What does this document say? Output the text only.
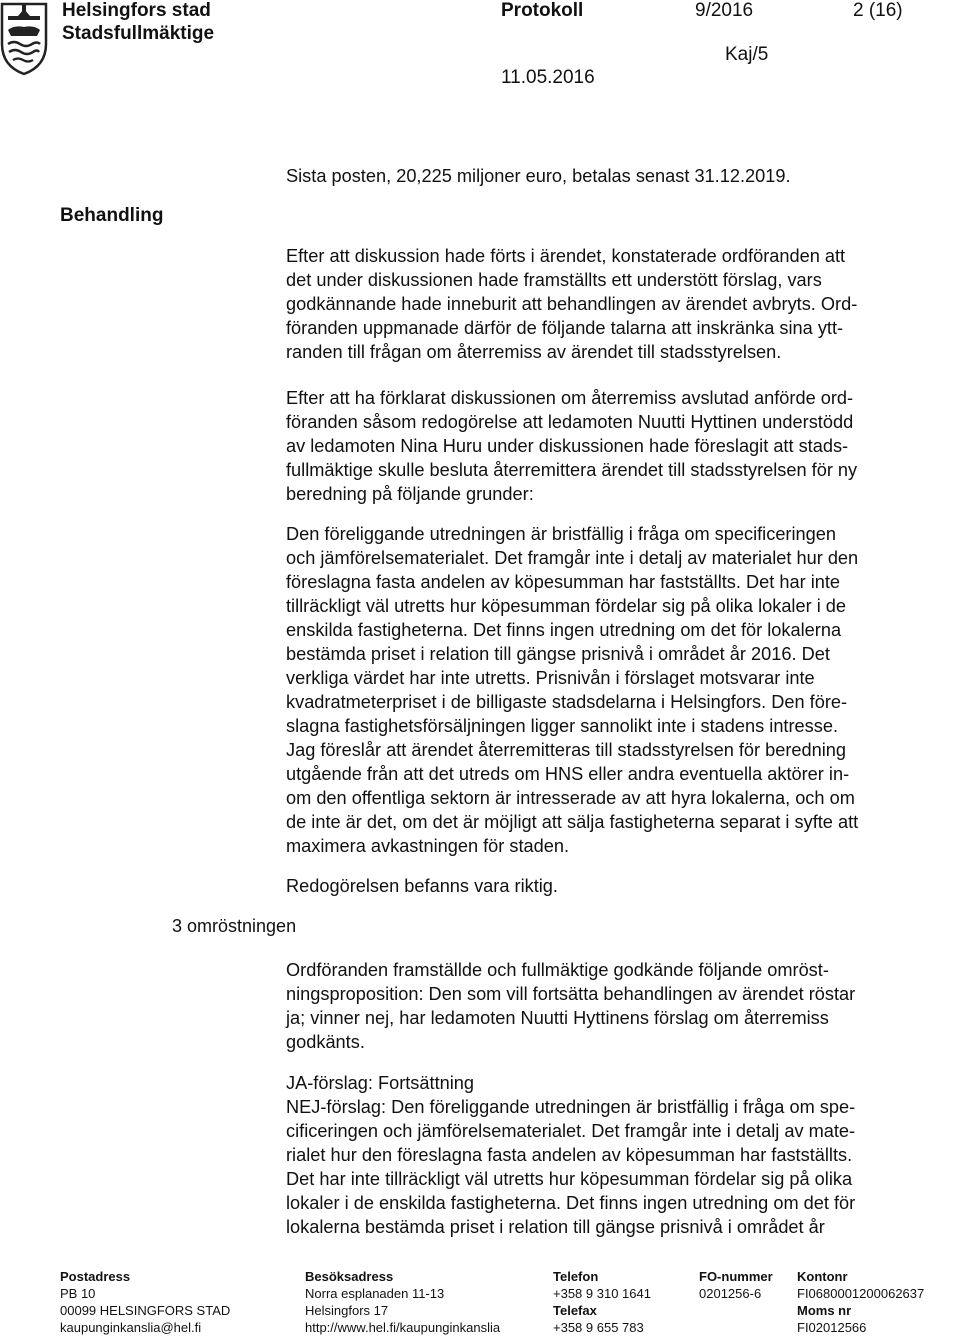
Helsingfors stad
Stadsfullmäktige
Protokoll	9/2016	2 (16)
Kaj/5
11.05.2016
Behandling
3 omröstningen

Sista posten, 20,225 miljoner euro, betalas senast 31.12.2019.

Efter att diskussion hade förts i ärendet, konstaterade ordföranden att

det under diskussionen hade framställts ett understött förslag, vars

godkännande hade inneburit att behandlingen av ärendet avbryts. Ord-

föranden uppmanade därför de följande talarna att inskränka sina ytt-

randen till frågan om återremiss av ärendet till stadsstyrelsen.

Efter att ha förklarat diskussionen om återremiss avslutad anförde ord-

föranden såsom redogörelse att ledamoten Nuutti Hyttinen understödd

av ledamoten Nina Huru under diskussionen hade föreslagit att stads-

fullmäktige skulle besluta återremittera ärendet till stadsstyrelsen för ny

beredning på följande grunder:

Den föreliggande utredningen är bristfällig i fråga om specificeringen

och jämförelsematerialet. Det framgår inte i detalj av materialet hur den

föreslagna fasta andelen av köpesumman har fastställts. Det har inte

tillräckligt väl utretts hur köpesumman fördelar sig på olika lokaler i de

enskilda fastigheterna. Det finns ingen utredning om det för lokalerna

bestämda priset i relation till gängse prisnivå i området år 2016. Det

verkliga värdet har inte utretts. Prisnivån i förslaget motsvarar inte

kvadratmeterpriset i de billigaste stadsdelarna i Helsingfors. Den före-

slagna fastighetsförsäljningen ligger sannolikt inte i stadens intresse.

Jag föreslår att ärendet återremitteras till stadsstyrelsen för beredning

utgående från att det utreds om HNS eller andra eventuella aktörer in-

om den offentliga sektorn är intresserade av att hyra lokalerna, och om

de inte är det, om det är möjligt att sälja fastigheterna separat i syfte att

maximera avkastningen för staden.

Redogörelsen befanns vara riktig.

Ordföranden framställde och fullmäktige godkände följande omröst-

ningsproposition: Den som vill fortsätta behandlingen av ärendet röstar

ja; vinner nej, har ledamoten Nuutti Hyttinens förslag om återremiss

godkänts.

JA-förslag: Fortsättning

NEJ-förslag: Den föreliggande utredningen är bristfällig i fråga om spe-

cificeringen och jämförelsematerialet. Det framgår inte i detalj av mate-

rialet hur den föreslagna fasta andelen av köpesumman har fastställts.

Det har inte tillräckligt väl utretts hur köpesumman fördelar sig på olika

lokaler i de enskilda fastigheterna. Det finns ingen utredning om det för

lokalerna bestämda priset i relation till gängse prisnivå i området år

Postadress
PB 10
00099 HELSINGFORS STAD
kaupunginkanslia@hel.fi
Besöksadress
Norra esplanaden 11-13
Helsingfors 17
http://www.hel.fi/kaupunginkanslia
Telefon
+358 9 310 1641
Telefax
+358 9 655 783
FO-nummer
0201256-6
Kontonr
FI0680001200062637
Moms nr
FI02012566
